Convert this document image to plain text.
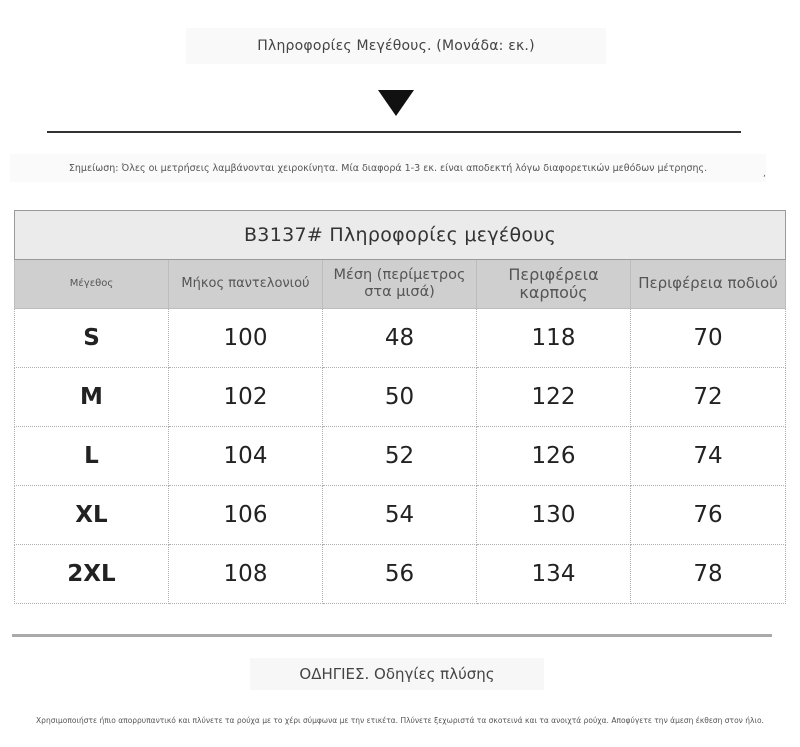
Πληροφορίες Μεγέθους. (Μονάδα: εκ.)
Σημείωση: Όλες οι μετρήσεις λαμβάνονται χειροκίνητα. Μία διαφορά 1-3 εκ. είναι αποδεκτή λόγω διαφορετικών μεθόδων μέτρησης.
,
B3137# Πληροφορίες μεγέθους				
Μέγεθος	Μήκος παντελονιού	Μέση (περίμετρος στα μισά)	Περιφέρεια καρπούς	Περιφέρεια ποδιού
S	100	48	118	70
M	102	50	122	72
L	104	52	126	74
XL	106	54	130	76
2XL	108	56	134	78
ΟΔΗΓΙΕΣ. Οδηγίες πλύσης
Χρησιμοποιήστε ήπιο απορρυπαντικό και πλύνετε τα ρούχα με το χέρι σύμφωνα με την ετικέτα. Πλύνετε ξεχωριστά τα σκοτεινά και τα ανοιχτά ρούχα. Αποφύγετε την άμεση έκθεση στον ήλιο.
